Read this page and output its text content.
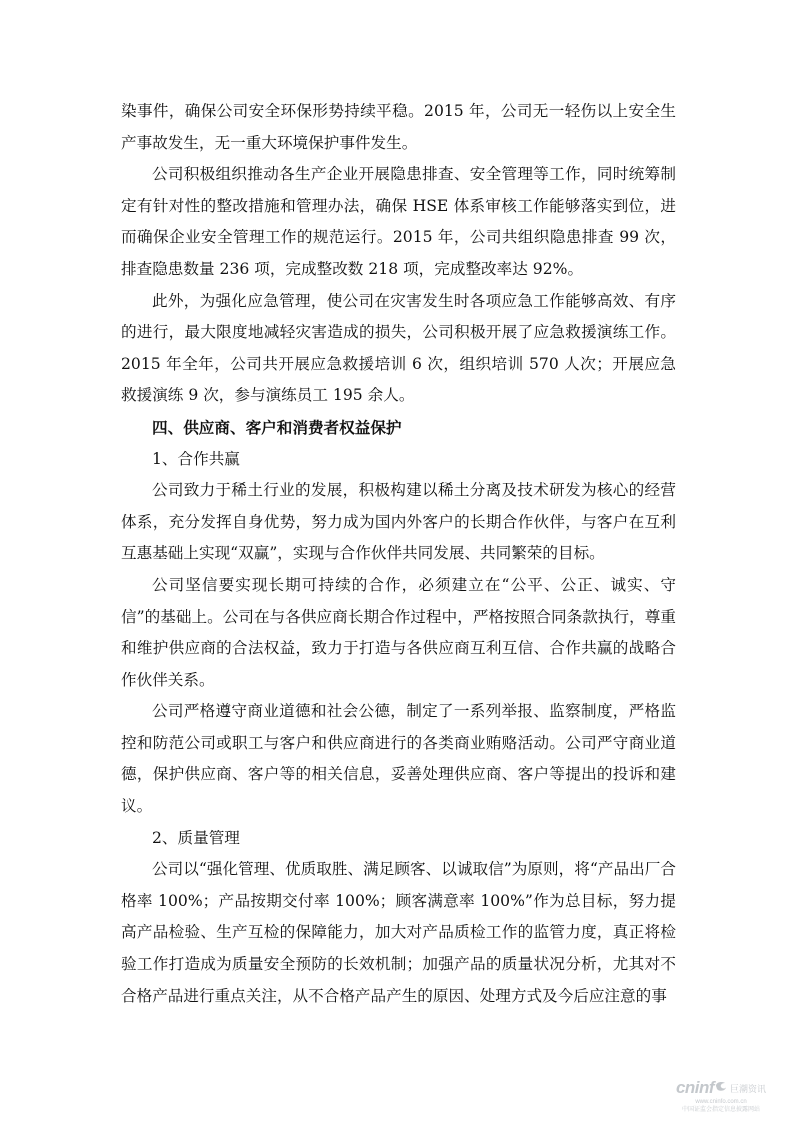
染事件，确保公司安全环保形势持续平稳。2015 年，公司无一轻伤以上安全生产事故发生，无一重大环境保护事件发生。

公司积极组织推动各生产企业开展隐患排查、安全管理等工作，同时统筹制定有针对性的整改措施和管理办法，确保 HSE 体系审核工作能够落实到位，进而确保企业安全管理工作的规范运行。2015 年，公司共组织隐患排查 99 次，排查隐患数量 236 项，完成整改数 218 项，完成整改率达 92%。

此外，为强化应急管理，使公司在灾害发生时各项应急工作能够高效、有序的进行，最大限度地减轻灾害造成的损失，公司积极开展了应急救援演练工作。2015 年全年，公司共开展应急救援培训 6 次，组织培训 570 人次；开展应急救援演练 9 次，参与演练员工 195 余人。

四、供应商、客户和消费者权益保护

1、合作共赢

公司致力于稀土行业的发展，积极构建以稀土分离及技术研发为核心的经营体系，充分发挥自身优势，努力成为国内外客户的长期合作伙伴，与客户在互利互惠基础上实现“双赢”，实现与合作伙伴共同发展、共同繁荣的目标。

公司坚信要实现长期可持续的合作，必须建立在“公平、公正、诚实、守信”的基础上。公司在与各供应商长期合作过程中，严格按照合同条款执行，尊重和维护供应商的合法权益，致力于打造与各供应商互利互信、合作共赢的战略合作伙伴关系。

公司严格遵守商业道德和社会公德，制定了一系列举报、监察制度，严格监控和防范公司或职工与客户和供应商进行的各类商业贿赂活动。公司严守商业道德，保护供应商、客户等的相关信息，妥善处理供应商、客户等提出的投诉和建议。

2、质量管理

公司以“强化管理、优质取胜、满足顾客、以诚取信”为原则，将“产品出厂合格率 100%；产品按期交付率 100%；顾客满意率 100%”作为总目标，努力提高产品检验、生产互检的保障能力，加大对产品质检工作的监管力度，真正将检验工作打造成为质量安全预防的长效机制；加强产品的质量状况分析，尤其对不合格产品进行重点关注，从不合格产品产生的原因、处理方式及今后应注意的事

cninf 巨潮资讯
www.cninfo.com.cn
中国证监会指定信息披露网站
